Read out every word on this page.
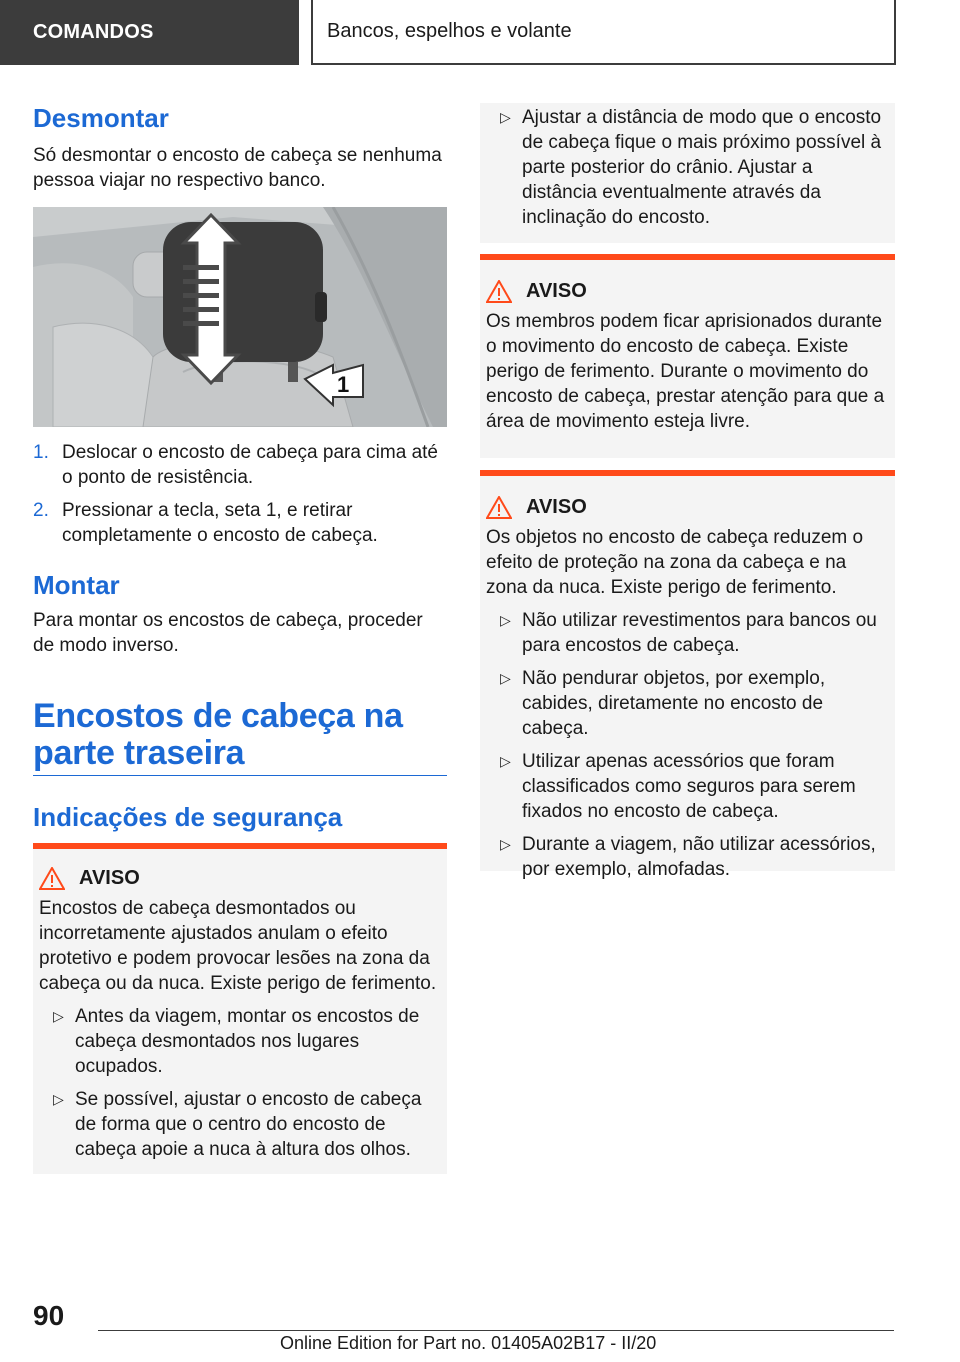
COMANDOS	Bancos, espelhos e volante
Desmontar

Só desmontar o encosto de cabeça se nenhuma pessoa viajar no respectivo banco.

1
1. Deslocar o encosto de cabeça para cima até o ponto de resistência.
2. Pressionar a tecla, seta 1, e retirar completamente o encosto de cabeça.
Montar

Para montar os encostos de cabeça, proceder de modo inverso.

Encostos de cabeça na parte traseira
Indicações de segurança
AVISO

Encostos de cabeça desmontados ou incorretamente ajustados anulam o efeito protetivo e podem provocar lesões na zona da cabeça ou da nuca. Existe perigo de ferimento.

▷ Antes da viagem, montar os encostos de cabeça desmontados nos lugares ocupados.
▷ Se possível, ajustar o encosto de cabeça de forma que o centro do encosto de cabeça apoie a nuca à altura dos olhos.
▷ Ajustar a distância de modo que o encosto de cabeça fique o mais próximo possível à parte posterior do crânio. Ajustar a distância eventualmente através da inclinação do encosto.
AVISO

Os membros podem ficar aprisionados durante o movimento do encosto de cabeça. Existe perigo de ferimento. Durante o movimento do encosto de cabeça, prestar atenção para que a área de movimento esteja livre.

AVISO

Os objetos no encosto de cabeça reduzem o efeito de proteção na zona da cabeça e na zona da nuca. Existe perigo de ferimento.

▷ Não utilizar revestimentos para bancos ou para encostos de cabeça.
▷ Não pendurar objetos, por exemplo, cabides, diretamente no encosto de cabeça.
▷ Utilizar apenas acessórios que foram classificados como seguros para serem fixados no encosto de cabeça.
▷ Durante a viagem, não utilizar acessórios, por exemplo, almofadas.
90
Online Edition for Part no. 01405A02B17 - II/20
